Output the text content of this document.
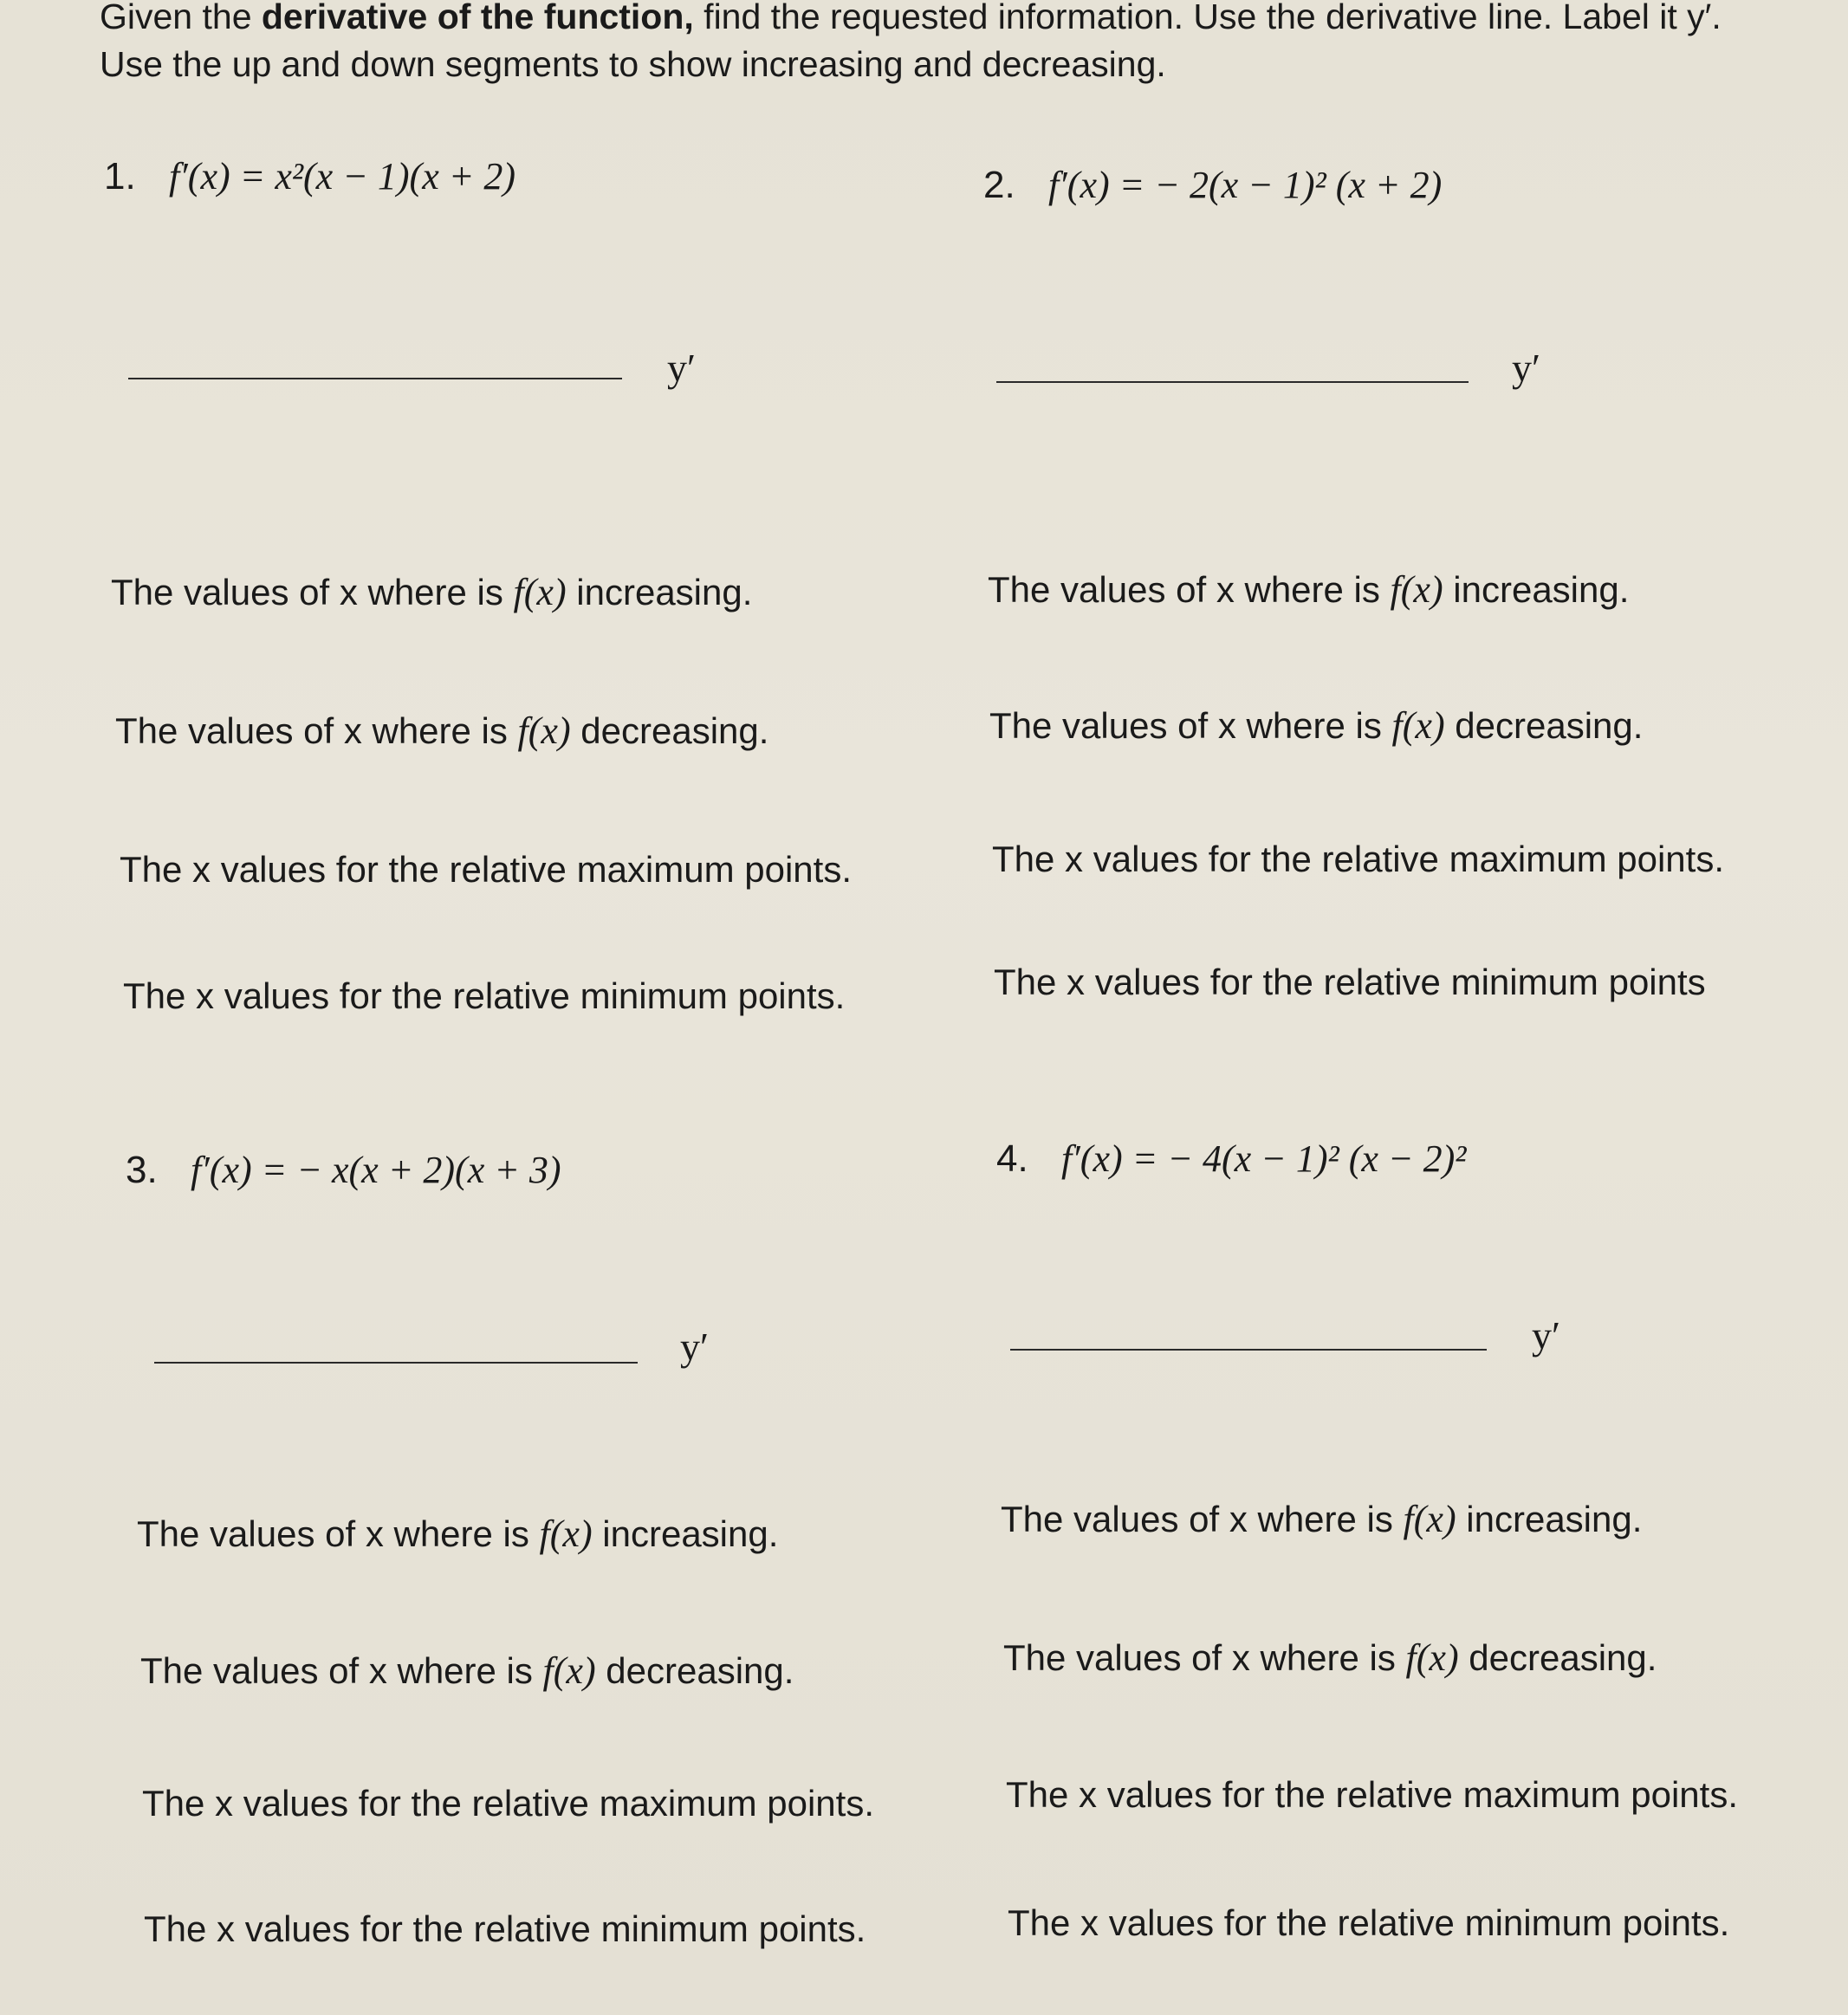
Given the derivative of the function, find the requested information. Use the derivative line. Label it y′. Use the up and down segments to show increasing and decreasing.
1. f′(x) = x²(x − 1)(x + 2)
y′
The values of x where is f(x) increasing.
The values of x where is f(x) decreasing.
The x values for the relative maximum points.
The x values for the relative minimum points.
2. f′(x) = − 2(x − 1)² (x + 2)
y′
The values of x where is f(x) increasing.
The values of x where is f(x) decreasing.
The x values for the relative maximum points.
The x values for the relative minimum points
3. f′(x) = − x(x + 2)(x + 3)
y′
The values of x where is f(x) increasing.
The values of x where is f(x) decreasing.
The x values for the relative maximum points.
The x values for the relative minimum points.
4. f′(x) = − 4(x − 1)² (x − 2)²
y′
The values of x where is f(x) increasing.
The values of x where is f(x) decreasing.
The x values for the relative maximum points.
The x values for the relative minimum points.
